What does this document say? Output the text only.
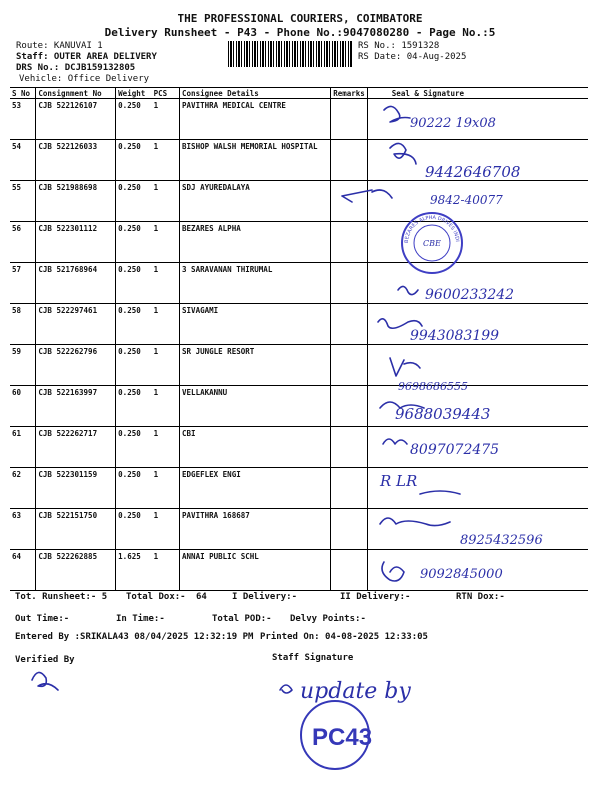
THE PROFESSIONAL COURIERS, COIMBATORE
Delivery Runsheet - P43 - Phone No.:9047080280 - Page No.:5
Route: KANUVAI 1
Staff: OUTER AREA DELIVERY
DRS No.: DCJB159132805
Vehicle: Office Delivery
RS No.: 1591328
RS Date: 04-Aug-2025
S No	Consignment No	Weight	PCS	Consignee Details	Remarks	Seal & Signature
53	CJB 522126107	0.250	1	PAVITHRA MEDICAL CENTRE		
54	CJB 522126033	0.250	1	BISHOP WALSH MEMORIAL HOSPITAL		
55	CJB 521988698	0.250	1	SDJ AYUREDALAYA		
56	CJB 522301112	0.250	1	BEZARES ALPHA		
57	CJB 521768964	0.250	1	3 SARAVANAN THIRUMAL		
58	CJB 522297461	0.250	1	SIVAGAMI		
59	CJB 522262796	0.250	1	SR JUNGLE RESORT		
60	CJB 522163997	0.250	1	VELLAKANNU		
61	CJB 522262717	0.250	1	CBI		
62	CJB 522301159	0.250	1	EDGEFLEX ENGI		
63	CJB 522151750	0.250	1	PAVITHRA 168687		
64	CJB 522262885	1.625	1	ANNAI PUBLIC SCHL		
90222 19x08
9442646708
9842-40077
BEZARES ALPHA DRIVES INDI
CBE
9600233242
9943083199
9698686555
9688039443
8097072475
R LR
8925432596
9092845000
update by
PC43
Tot. Runsheet:- 5 Total Dox:- 64	I Delivery:-	II Delivery:-	RTN Dox:-
Out Time:-	In Time:-	Total POD:- Delvy Points:-
Entered By :SRIKALA43 08/04/2025 12:32:19 PM Printed On: 04-08-2025 12:33:05
Verified By	Staff Signature
